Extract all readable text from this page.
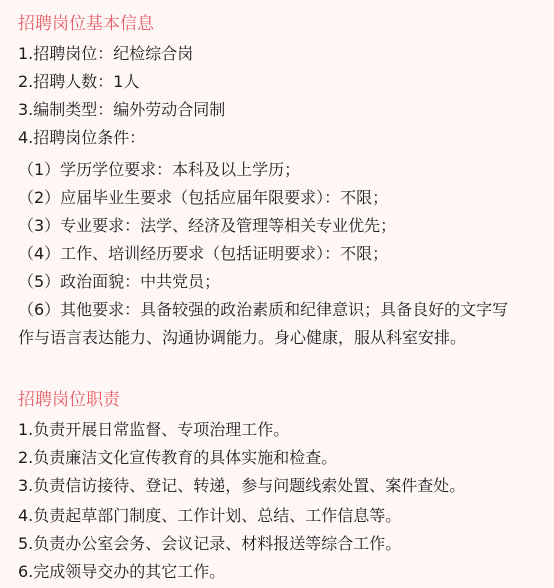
招聘岗位基本信息
1.招聘岗位：纪检综合岗
2.招聘人数：1人
3.编制类型：编外劳动合同制
4.招聘岗位条件：
（1）学历学位要求：本科及以上学历；
（2）应届毕业生要求（包括应届年限要求）：不限；
（3）专业要求：法学、经济及管理等相关专业优先；
（4）工作、培训经历要求（包括证明要求）：不限；
（5）政治面貌：中共党员；
（6）其他要求：具备较强的政治素质和纪律意识；具备良好的文字写
作与语言表达能力、沟通协调能力。身心健康，服从科室安排。
招聘岗位职责
1.负责开展日常监督、专项治理工作。
2.负责廉洁文化宣传教育的具体实施和检查。
3.负责信访接待、登记、转递，参与问题线索处置、案件查处。
4.负责起草部门制度、工作计划、总结、工作信息等。
5.负责办公室会务、会议记录、材料报送等综合工作。
6.完成领导交办的其它工作。
